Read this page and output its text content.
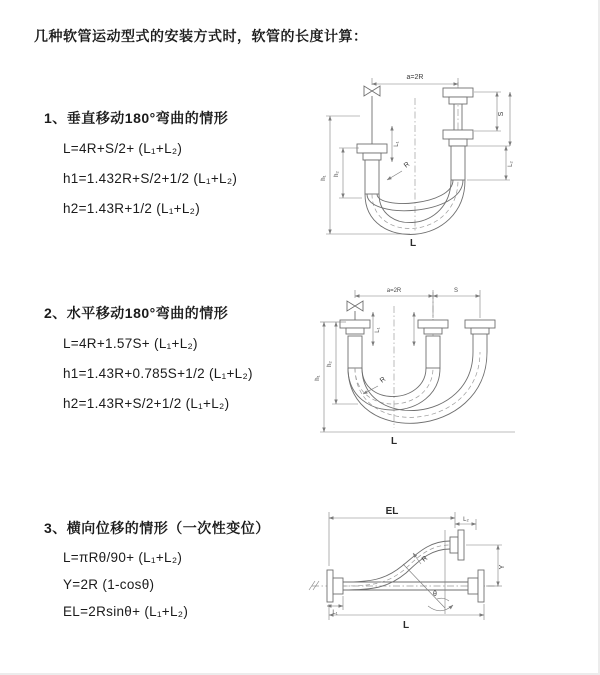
几种软管运动型式的安装方式时，软管的长度计算：
1、垂直移动180°弯曲的情形
L=4R+S/2+ (L₁+L₂)
h1=1.432R+S/2+1/2 (L₁+L₂)
h2=1.43R+1/2 (L₁+L₂)
2、水平移动180°弯曲的情形
L=4R+1.57S+ (L₁+L₂)
h1=1.43R+0.785S+1/2 (L₁+L₂)
h2=1.43R+S/2+1/2 (L₁+L₂)
3、横向位移的情形（一次性变位）
L=πRθ/90+ (L₁+L₂)
Y=2R (1-cosθ)
EL=2Rsinθ+ (L₁+L₂)
a=2R
R
S
L₂
L₁
h₂
h₁
L
a=2R	S
L₁
R
h₂
h₁
L
EL
L₂
Y
θ
R
L
L₁
